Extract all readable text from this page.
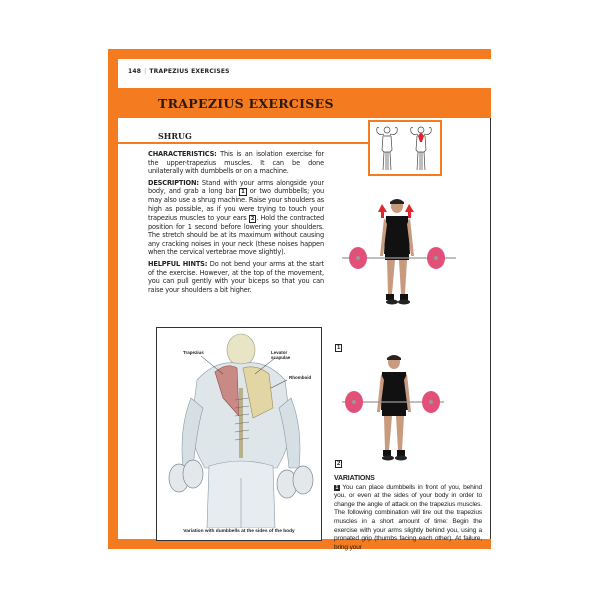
148 | TRAPEZIUS EXERCISES
TRAPEZIUS EXERCISES
SHRUG

CHARACTERISTICS: This is an isolation exercise for the upper-trapezius muscles. It can be done unilaterally with dumbbells or on a machine.

DESCRIPTION: Stand with your arms alongside your body, and grab a long bar 1 or two dumbbells; you may also use a shrug machine. Raise your shoulders as high as possible, as if you were trying to touch your trapezius muscles to your ears 2 . Hold the contracted position for 1 second before lowering your shoulders. The stretch should be at its maximum without causing any cracking noises in your neck (these noises happen when the cervical vertebrae move slightly).

HELPFUL HINTS: Do not bend your arms at the start of the exercise. However, at the top of the movement, you can pull gently with your biceps so that you can raise your shoulders a bit higher.

Trapezius	Levator scapulae
Rhomboid
Variation with dumbbells at the sides of the body
1
2
VARIATIONS

1 You can place dumbbells in front of you, behind you, or even at the sides of your body in order to change the angle of attack on the trapezius muscles. The following combination will tire out the trapezius muscles in a short amount of time: Begin the exercise with your arms slightly behind you, using a pronated grip (thumbs facing each other). At failure, bring your
